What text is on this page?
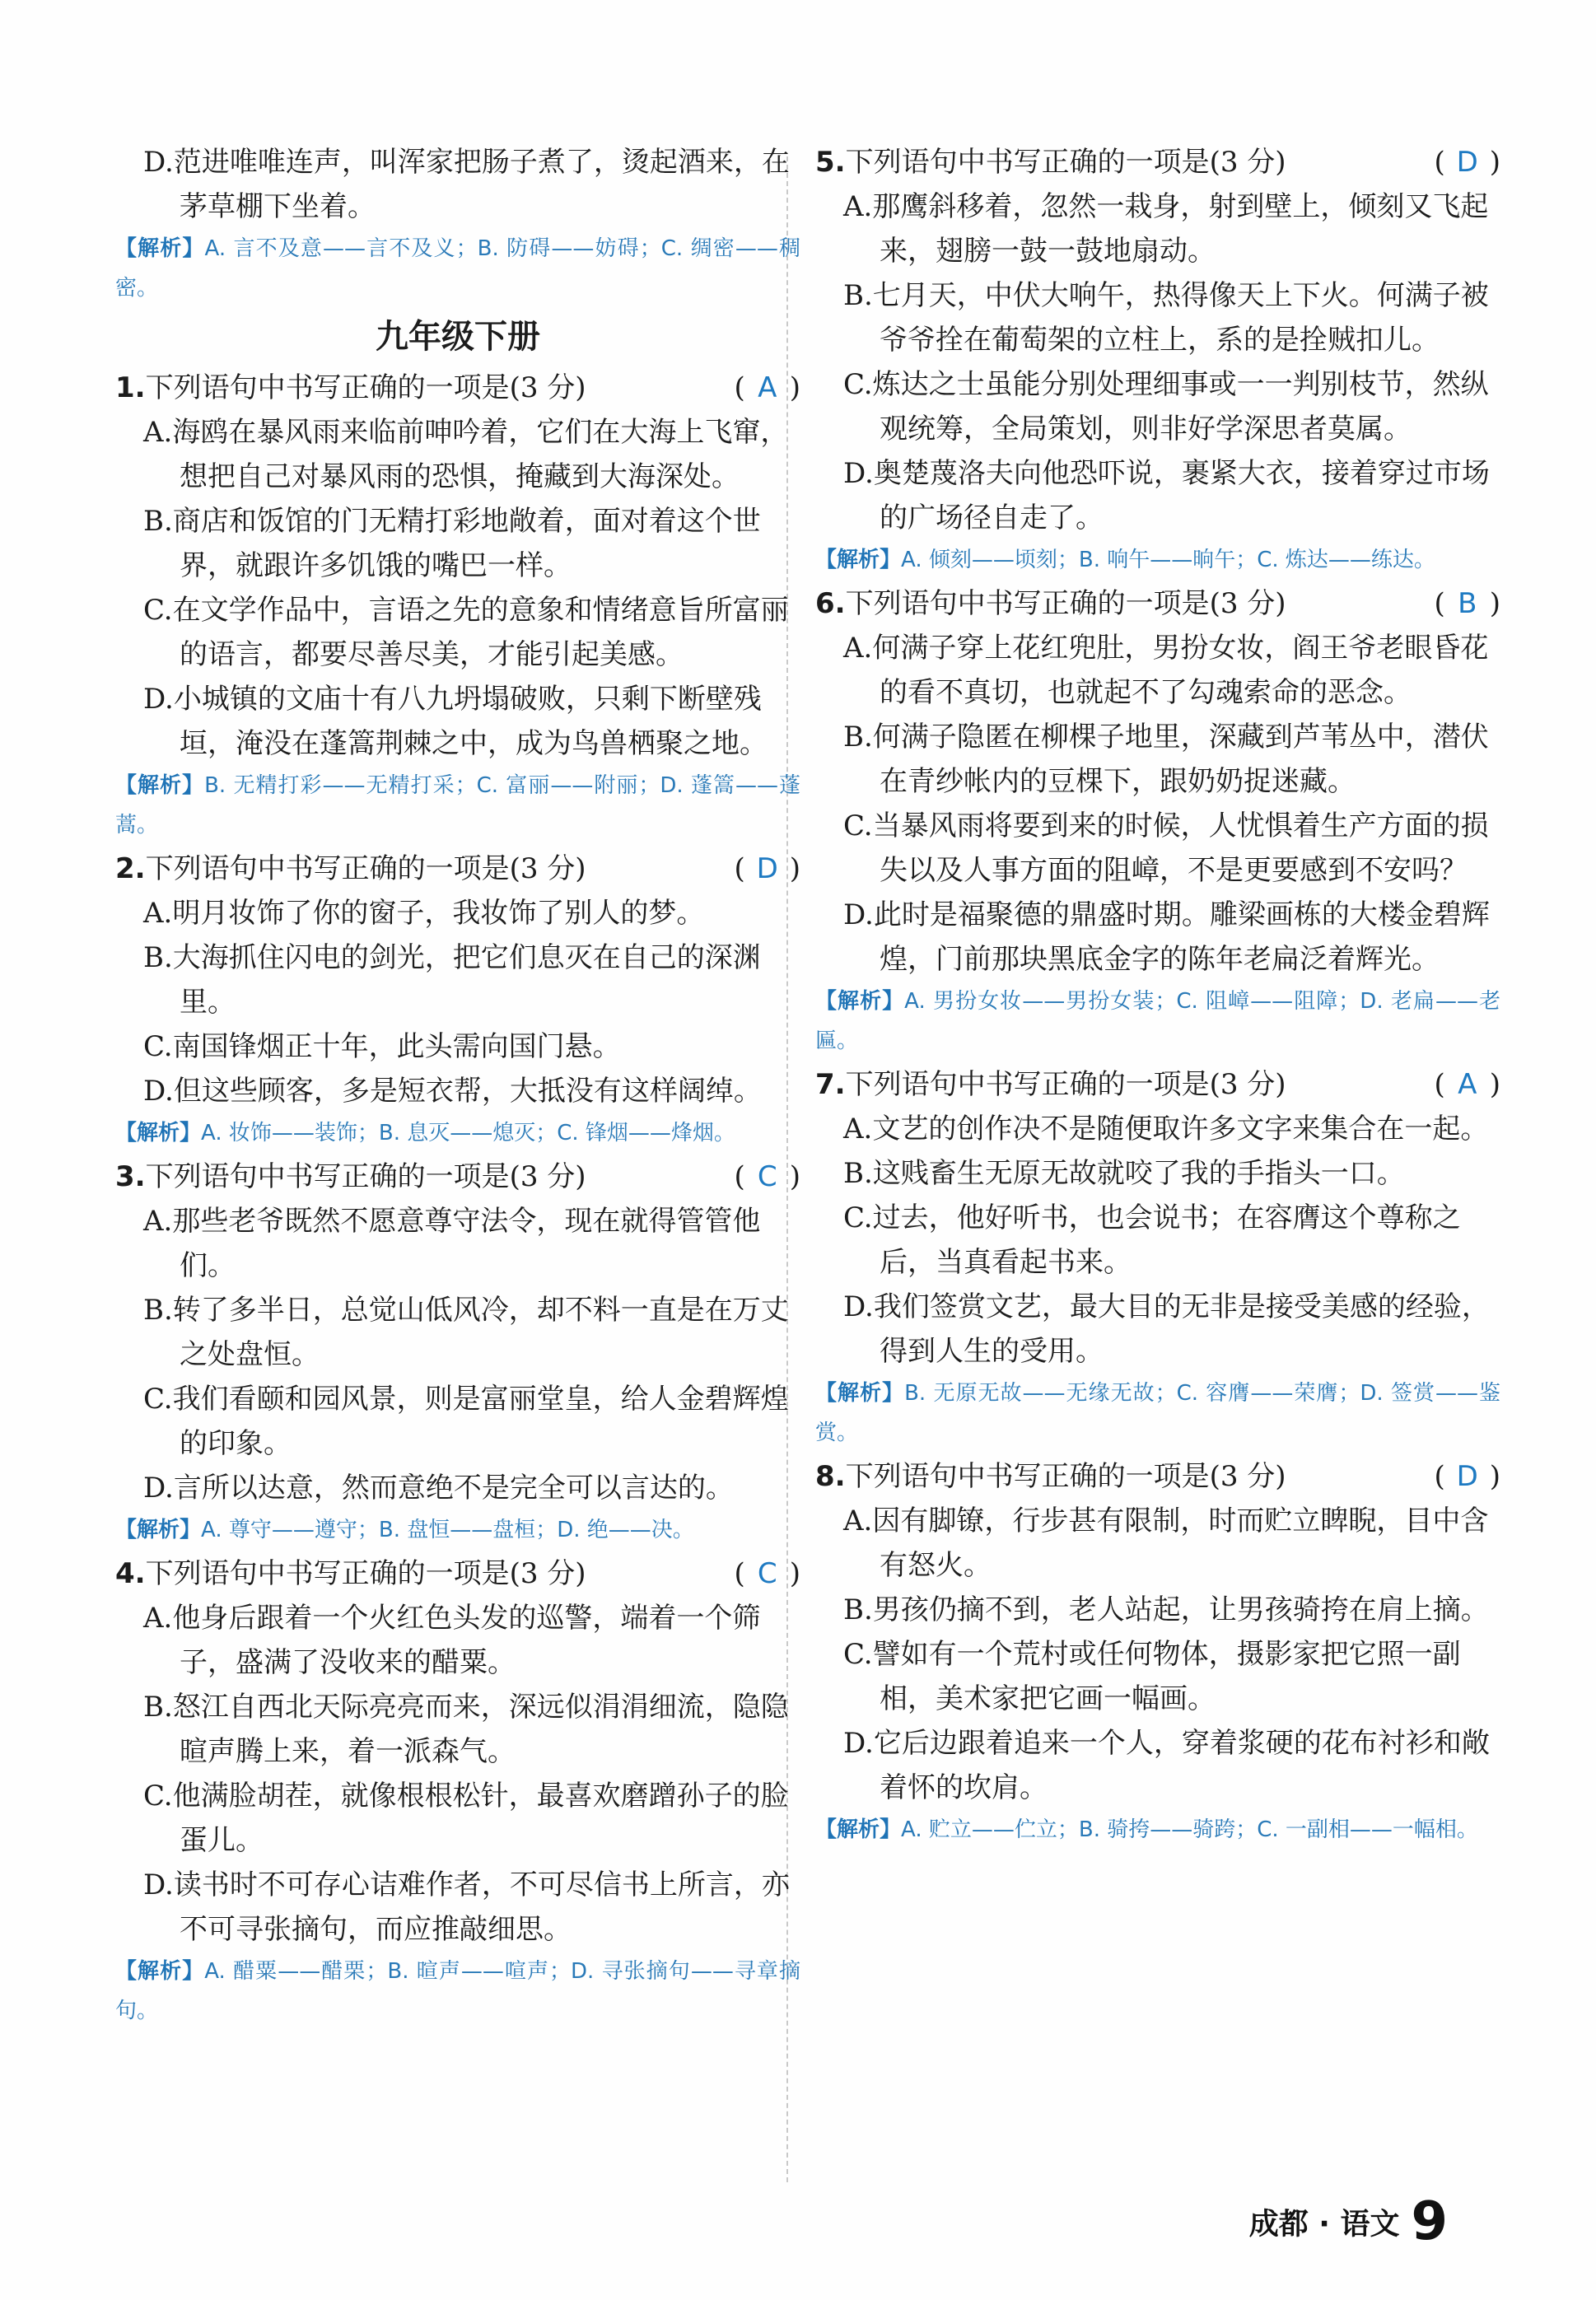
D.范进唯唯连声，叫浑家把肠子煮了，烫起酒来，在茅草棚下坐着。
【解析】A. 言不及意——言不及义；B. 防碍——妨碍；C. 绸密——稠密。
九年级下册
1.下列语句中书写正确的一项是(3 分)	( A )
A.海鸥在暴风雨来临前呻吟着，它们在大海上飞窜，想把自己对暴风雨的恐惧，掩藏到大海深处。
B.商店和饭馆的门无精打彩地敞着，面对着这个世界，就跟许多饥饿的嘴巴一样。
C.在文学作品中，言语之先的意象和情绪意旨所富丽的语言，都要尽善尽美，才能引起美感。
D.小城镇的文庙十有八九坍塌破败，只剩下断壁残垣，淹没在蓬篙荆棘之中，成为鸟兽栖聚之地。
【解析】B. 无精打彩——无精打采；C. 富丽——附丽；D. 蓬篙——蓬蒿。
2.下列语句中书写正确的一项是(3 分)	( D )
A.明月妆饰了你的窗子，我妆饰了别人的梦。
B.大海抓住闪电的剑光，把它们息灭在自己的深渊里。
C.南国锋烟正十年，此头需向国门悬。
D.但这些顾客，多是短衣帮，大抵没有这样阔绰。
【解析】A. 妆饰——装饰；B. 息灭——熄灭；C. 锋烟——烽烟。
3.下列语句中书写正确的一项是(3 分)	( C )
A.那些老爷既然不愿意尊守法令，现在就得管管他们。
B.转了多半日，总觉山低风冷，却不料一直是在万丈之处盘恒。
C.我们看颐和园风景，则是富丽堂皇，给人金碧辉煌的印象。
D.言所以达意，然而意绝不是完全可以言达的。
【解析】A. 尊守——遵守；B. 盘恒——盘桓；D. 绝——决。
4.下列语句中书写正确的一项是(3 分)	( C )
A.他身后跟着一个火红色头发的巡警，端着一个筛子，盛满了没收来的醋粟。
B.怒江自西北天际亮亮而来，深远似涓涓细流，隐隐暄声腾上来，着一派森气。
C.他满脸胡茬，就像根根松针，最喜欢磨蹭孙子的脸蛋儿。
D.读书时不可存心诘难作者，不可尽信书上所言，亦不可寻张摘句，而应推敲细思。
【解析】A. 醋粟——醋栗；B. 暄声——喧声；D. 寻张摘句——寻章摘句。
5.下列语句中书写正确的一项是(3 分)	( D )
A.那鹰斜移着，忽然一栽身，射到壁上，倾刻又飞起来，翅膀一鼓一鼓地扇动。
B.七月天，中伏大响午，热得像天上下火。何满子被爷爷拴在葡萄架的立柱上，系的是拴贼扣儿。
C.炼达之士虽能分别处理细事或一一判别枝节，然纵观统筹，全局策划，则非好学深思者莫属。
D.奥楚蔑洛夫向他恐吓说，裹紧大衣，接着穿过市场的广场径自走了。
【解析】A. 倾刻——顷刻；B. 响午——晌午；C. 炼达——练达。
6.下列语句中书写正确的一项是(3 分)	( B )
A.何满子穿上花红兜肚，男扮女妆，阎王爷老眼昏花的看不真切，也就起不了勾魂索命的恶念。
B.何满子隐匿在柳棵子地里，深藏到芦苇丛中，潜伏在青纱帐内的豆棵下，跟奶奶捉迷藏。
C.当暴风雨将要到来的时候，人忧惧着生产方面的损失以及人事方面的阻嶂，不是更要感到不安吗？
D.此时是福聚德的鼎盛时期。雕梁画栋的大楼金碧辉煌，门前那块黑底金字的陈年老扁泛着辉光。
【解析】A. 男扮女妆——男扮女装；C. 阻嶂——阻障；D. 老扁——老匾。
7.下列语句中书写正确的一项是(3 分)	( A )
A.文艺的创作决不是随便取许多文字来集合在一起。
B.这贱畜生无原无故就咬了我的手指头一口。
C.过去，他好听书，也会说书；在容膺这个尊称之后，当真看起书来。
D.我们签赏文艺，最大目的无非是接受美感的经验，得到人生的受用。
【解析】B. 无原无故——无缘无故；C. 容膺——荣膺；D. 签赏——鉴赏。
8.下列语句中书写正确的一项是(3 分)	( D )
A.因有脚镣，行步甚有限制，时而贮立睥睨，目中含有怒火。
B.男孩仍摘不到，老人站起，让男孩骑挎在肩上摘。
C.譬如有一个荒村或任何物体，摄影家把它照一副相，美术家把它画一幅画。
D.它后边跟着追来一个人，穿着浆硬的花布衬衫和敞着怀的坎肩。
【解析】A. 贮立——伫立；B. 骑挎——骑跨；C. 一副相——一幅相。
成都 · 语文 9
